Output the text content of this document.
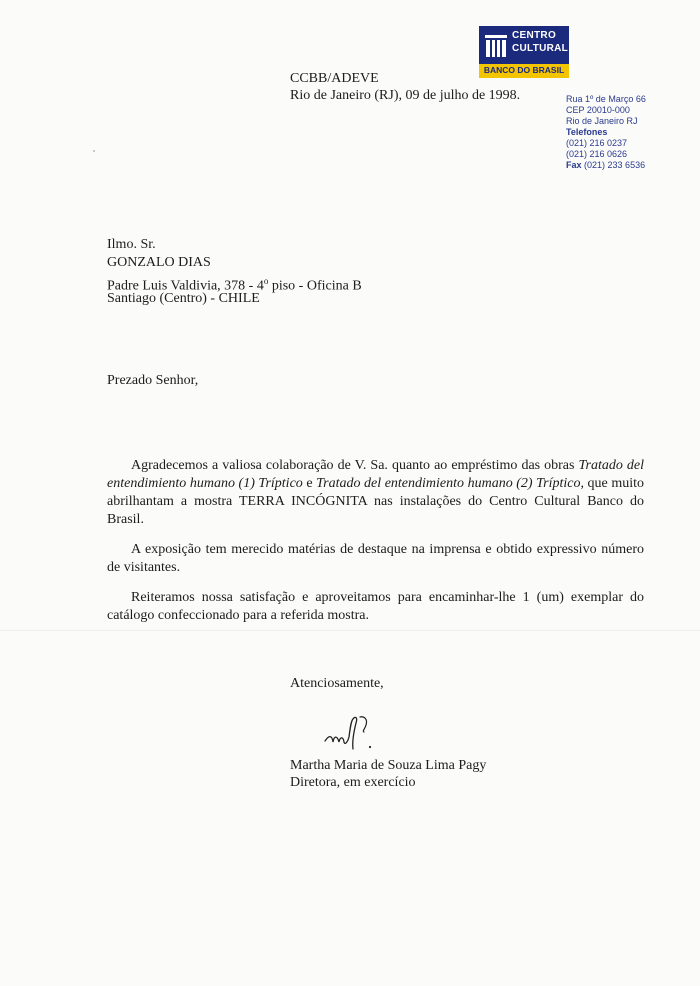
CENTRO
CULTURAL
BANCO DO BRASIL
Rua 1º de Março 66
CEP 20010-000
Rio de Janeiro RJ
Telefones
(021) 216 0237
(021) 216 0626
Fax (021) 233 6536
CCBB/ADEVE
Rio de Janeiro (RJ), 09 de julho de 1998.
Ilmo. Sr.
GONZALO DIAS
Padre Luis Valdivia, 378 - 4$^o$ piso - Oficina B
Santiago (Centro) - CHILE
Prezado Senhor,
Agradecemos a valiosa colaboração de V. Sa. quanto ao empréstimo das obras Tratado del entendimiento humano (1) Tríptico e Tratado del entendimiento humano (2) Tríptico, que muito abrilhantam a mostra TERRA INCÓGNITA nas instalações do Centro Cultural Banco do Brasil.
A exposição tem merecido matérias de destaque na imprensa e obtido expressivo número de visitantes.
Reiteramos nossa satisfação e aproveitamos para encaminhar-lhe 1 (um) exemplar do catálogo confeccionado para a referida mostra.
Atenciosamente,
Martha Maria de Souza Lima Pagy
Diretora, em exercício
